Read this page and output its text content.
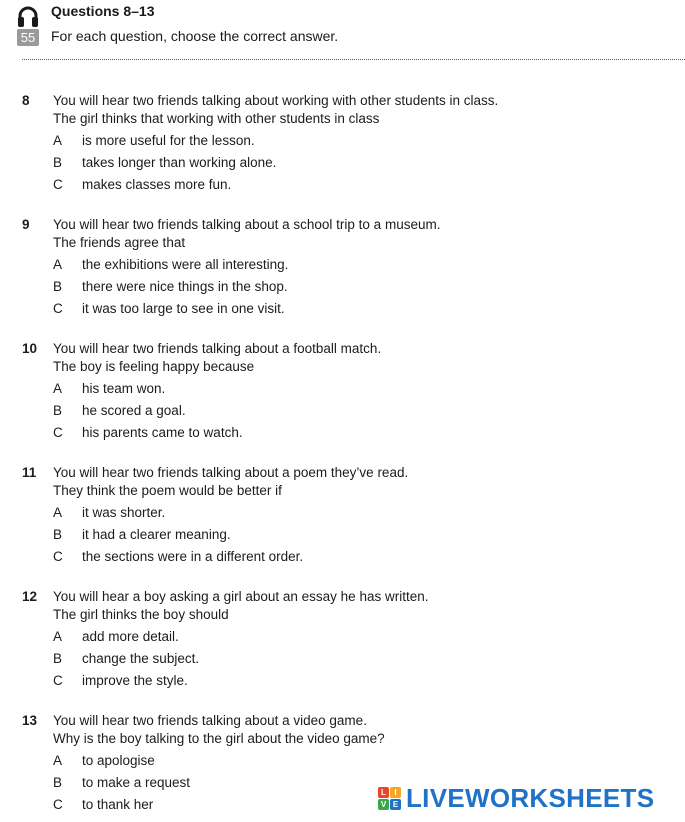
55
Questions 8–13
For each question, choose the correct answer.
8 You will hear two friends talking about working with other students in class.
The girl thinks that working with other students in class
A is more useful for the lesson.
B takes longer than working alone.
C makes classes more fun.
9 You will hear two friends talking about a school trip to a museum.
The friends agree that
A the exhibitions were all interesting.
B there were nice things in the shop.
C it was too large to see in one visit.
10 You will hear two friends talking about a football match.
The boy is feeling happy because
A his team won.
B he scored a goal.
C his parents came to watch.
11 You will hear two friends talking about a poem they’ve read.
They think the poem would be better if
A it was shorter.
B it had a clearer meaning.
C the sections were in a different order.
12 You will hear a boy asking a girl about an essay he has written.
The girl thinks the boy should
A add more detail.
B change the subject.
C improve the style.
13 You will hear two friends talking about a video game.
Why is the boy talking to the girl about the video game?
A to apologise
B to make a request
C to thank her
L	I
V E LIVEWORKSHEETS
